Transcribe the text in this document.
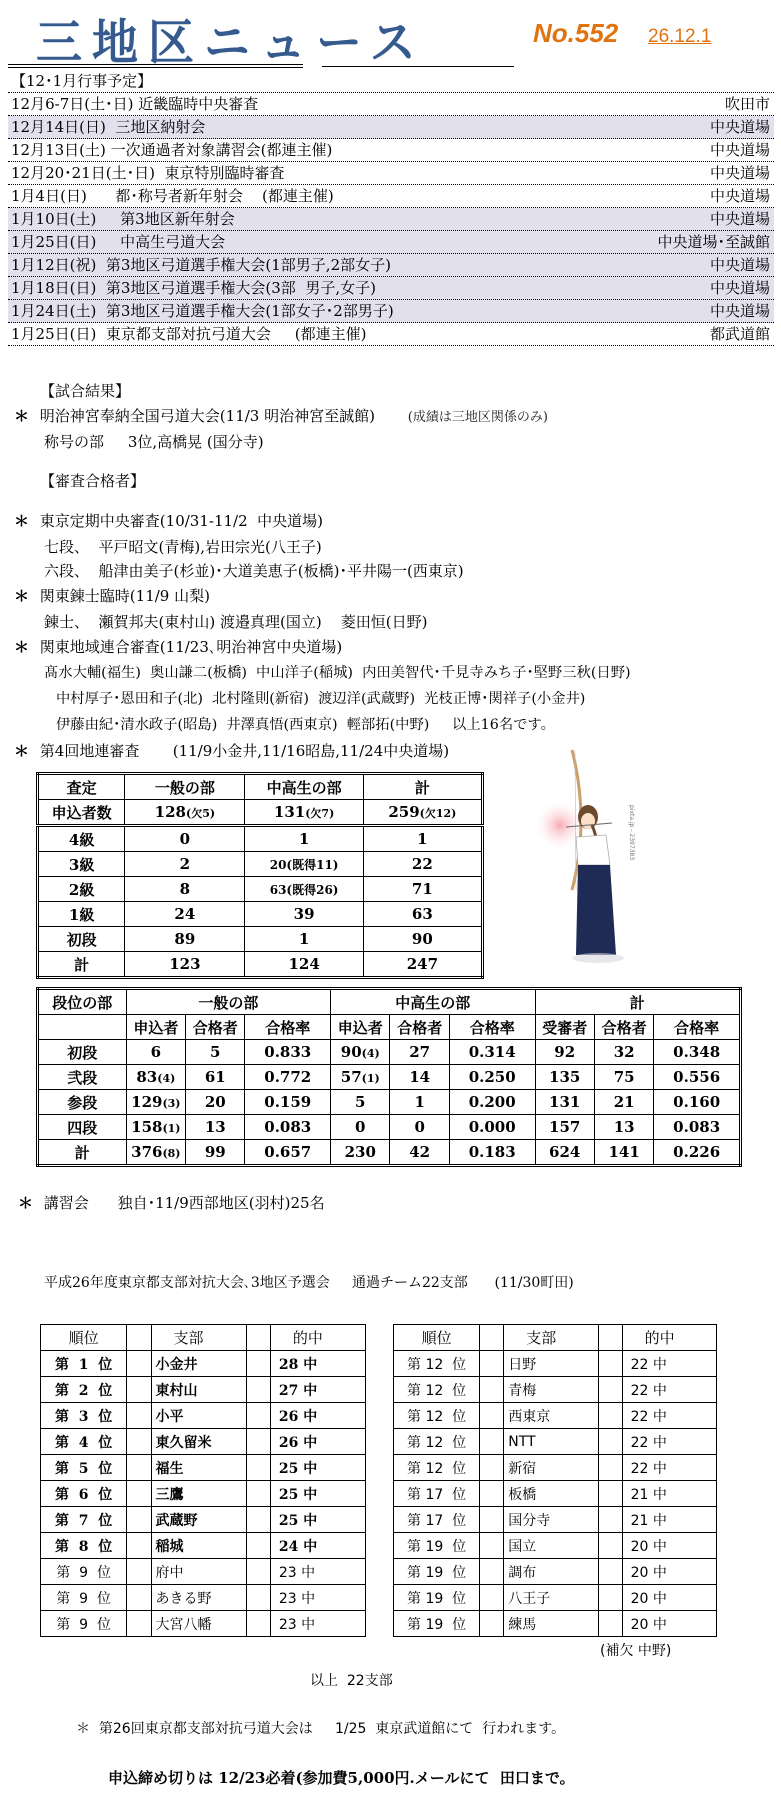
三地区ニュース	No.552 26.12.1
【12･1月行事予定】
12月6-7日(土･日) 近畿臨時中央審査	吹田市
12月14日(日)  三地区納射会	中央道場
12月13日(土) 一次通過者対象講習会(都連主催)	中央道場
12月20･21日(土･日)  東京特別臨時審査	中央道場
1月4日(日)      都･称号者新年射会    (都連主催)	中央道場
1月10日(土)     第3地区新年射会	中央道場
1月25日(日)     中高生弓道大会	中央道場･至誠館
1月12日(祝)  第3地区弓道選手権大会(1部男子,2部女子)	中央道場
1月18日(日)  第3地区弓道選手権大会(3部  男子,女子)	中央道場
1月24日(土)  第3地区弓道選手権大会(1部女子･2部男子)	中央道場
1月25日(日)  東京都支部対抗弓道大会     (都連主催)	都武道館
【試合結果】
＊ 明治神宮奉納全国弓道大会(11/3 明治神宮至誠館)	(成績は三地区関係のみ)
称号の部     3位,高橋晃 (国分寺)
【審査合格者】
＊ 東京定期中央審査(10/31-11/2  中央道場)
七段、  平戸昭文(青梅),岩田宗光(八王子)
六段、  船津由美子(杉並)･大道美恵子(板橋)･平井陽一(西東京)
＊ 関東錬士臨時(11/9 山梨)
錬士、  瀬賀邦夫(東村山) 渡邉真理(国立)    菱田恒(日野)
＊ 関東地域連合審査(11/23､明治神宮中央道場)
髙水大輔(福生)  奥山謙二(板橋)  中山洋子(稲城)  内田美智代･千見寺みち子･堅野三秋(日野)
中村厚子･恩田和子(北)  北村隆則(新宿)  渡辺洋(武蔵野)  光枝正博･関祥子(小金井)
伊藤由紀･清水政子(昭島)  井澤真悟(西東京)  輕部拓(中野)     以上16名です。
＊ 第4回地連審査       (11/9小金井,11/16昭島,11/24中央道場)
査定	一般の部	中高生の部	計
申込者数	128(欠5)	131(欠7)	259(欠12)
4級	0	1	1
3級	2	20(既得11)	22
2級	8	63(既得26)	71
1級	24	39	63
初段	89	1	90
計	123	124	247
pixta.jp - 2397383
段位の部	一般の部			中高生の部			計		
	申込者	合格者	合格率	申込者	合格者	合格率	受審者	合格者	合格率
初段	6	5	0.833	90(4)	27	0.314	92	32	0.348
弐段	83(4)	61	0.772	57(1)	14	0.250	135	75	0.556
参段	129(3)	20	0.159	5	1	0.200	131	21	0.160
四段	158(1)	13	0.083	0	0	0.000	157	13	0.083
計	376(8)	99	0.657	230	42	0.183	624	141	0.226
＊ 講習会 独自･11/9西部地区(羽村)25名
平成26年度東京都支部対抗大会､3地区予選会     通過チーム22支部      (11/30町田)
順位		支部		的中
第  1  位		小金井		28 中
第  2  位		東村山		27 中
第  3  位		小平		26 中
第  4  位		東久留米		26 中
第  5  位		福生		25 中
第  6  位		三鷹		25 中
第  7  位		武蔵野		25 中
第  8  位		稲城		24 中
第  9  位		府中		23 中
第  9  位		あきる野		23 中
第  9  位		大宮八幡		23 中
順位		支部		的中
第 12  位		日野		22 中
第 12  位		青梅		22 中
第 12  位		西東京		22 中
第 12  位		NTT		22 中
第 12  位		新宿		22 中
第 17  位		板橋		21 中
第 17  位		国分寺		21 中
第 19  位		国立		20 中
第 19  位		調布		20 中
第 19  位		八王子		20 中
第 19  位		練馬		20 中
(補欠 中野)
以上  22支部
＊  第26回東京都支部対抗弓道大会は     1/25  東京武道館にて  行われます。
申込締め切りは 12/23必着(参加費5,000円.メールにて  田口まで。
